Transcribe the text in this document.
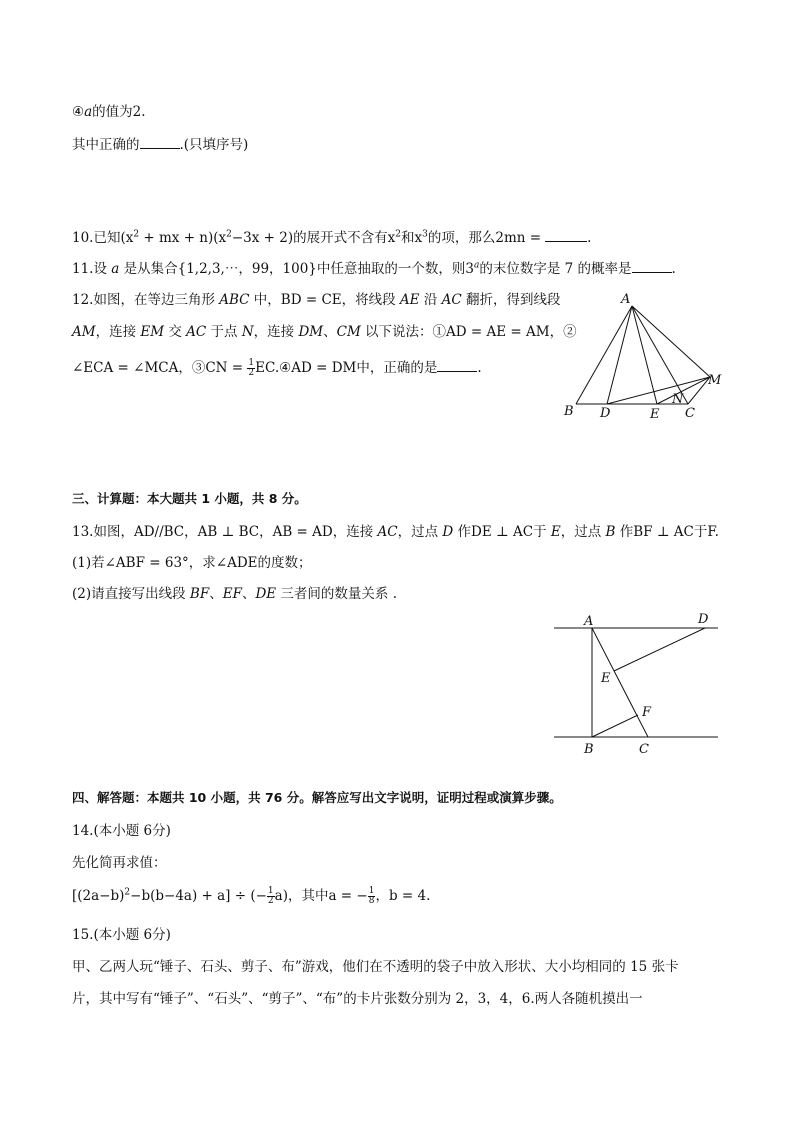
④a的值为2.
其中正确的	.(只填序号)
10.已知($x^2$ + mx + $n)(x^2-3x + 2)$的展开式不含有$x^2$和$x^3$的项，那么2mn =	.
11.设 a 是从集合{1,2,3,⋯，99，100}中任意抽取的一个数，则3$^a$的末位数字是 7 的概率是	.
12.如图，在等边三角形 ABC 中，BD = CE，将线段 AE 沿 AC 翻折，得到线段
AM，连接 EM 交 AC 于点 N，连接 DM、CM 以下说法：①AD = AE = AM，②
∠ECA = ∠MCA，③CN = $\frac{1}{2}$ EC.④AD = DM中，正确的是	.
A
B D	E
N
C
M
三、计算题：本大题共 1 小题，共 8 分。
13.如图，AD//BC，AB ⊥ BC，AB = AD，连接 AC，过点 D 作DE ⊥ AC于 E，过点 B 作BF ⊥ AC于F.
(1)若∠ABF = 63°，求∠ADE的度数；
(2)请直接写出线段 BF、EF、DE 三者间的数量关系 .
A	D
E
F
B	C
四、解答题：本题共 10 小题，共 76 分。解答应写出文字说明，证明过程或演算步骤。
14.(本小题 6分)
先化简再求值：
$[(2a-b)^2-b(b-4a) + a]$ ÷ (− $\frac{1}{2} a$)，其中a = − $\frac{1}{8}$ ，b = 4.
15.(本小题 6分)
甲、乙两人玩“锤子、石头、剪子、布”游戏，他们在不透明的袋子中放入形状、大小均相同的 15 张卡
片，其中写有“锤子”、“石头”、“剪子”、“布”的卡片张数分别为 2，3，4，6.两人各随机摸出一
